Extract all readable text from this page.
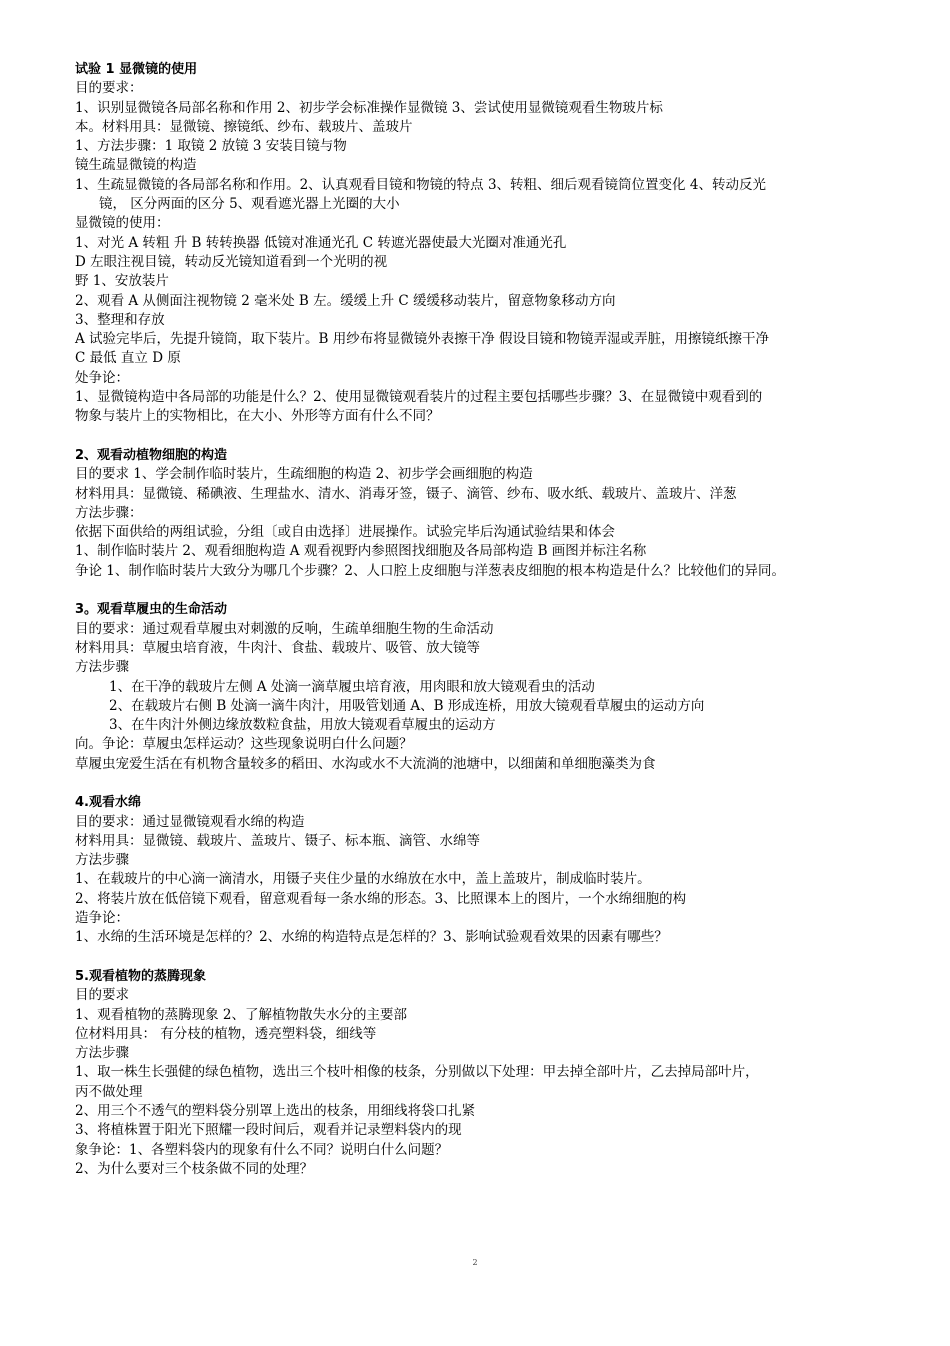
试验 1 显微镜的使用
目的要求：
1、识别显微镜各局部名称和作用 2、初步学会标准操作显微镜 3、尝试使用显微镜观看生物玻片标
本。材料用具：显微镜、擦镜纸、纱布、载玻片、盖玻片
1、方法步骤：1 取镜 2 放镜 3 安装目镜与物
镜生疏显微镜的构造
1、生疏显微镜的各局部名称和作用。2、认真观看目镜和物镜的特点 3、转粗、细后观看镜筒位置变化 4、转动反光
镜， 区分两面的区分 5、观看遮光器上光圈的大小
显微镜的使用：
1、对光 A 转粗 升 B 转转换器 低镜对准通光孔 C 转遮光器使最大光圈对准通光孔
D 左眼注视目镜，转动反光镜知道看到一个光明的视
野 1、安放装片
2、观看 A 从侧面注视物镜 2 毫米处 B 左。缓缓上升 C 缓缓移动装片，留意物象移动方向
3、整理和存放
A 试验完毕后，先提升镜筒，取下装片。B 用纱布将显微镜外表擦干净 假设目镜和物镜弄湿或弄脏，用擦镜纸擦干净
C 最低 直立 D 原
处争论：
1、显微镜构造中各局部的功能是什么？2、使用显微镜观看装片的过程主要包括哪些步骤？3、在显微镜中观看到的
物象与装片上的实物相比，在大小、外形等方面有什么不同？
2、观看动植物细胞的构造
目的要求 1、学会制作临时装片，生疏细胞的构造 2、初步学会画细胞的构造
材料用具：显微镜、稀碘液、生理盐水、清水、消毒牙签，镊子、滴管、纱布、吸水纸、载玻片、盖玻片、洋葱
方法步骤：
依据下面供给的两组试验，分组〔或自由选择〕进展操作。试验完毕后沟通试验结果和体会
1、制作临时装片 2、观看细胞构造 A 观看视野内参照图找细胞及各局部构造 B 画图并标注名称
争论 1、制作临时装片大致分为哪几个步骤？2、人口腔上皮细胞与洋葱表皮细胞的根本构造是什么？比较他们的异同。
3。观看草履虫的生命活动
目的要求：通过观看草履虫对刺激的反响，生疏单细胞生物的生命活动
材料用具：草履虫培育液，牛肉汁、食盐、载玻片、吸管、放大镜等
方法步骤
1、在干净的载玻片左侧 A 处滴一滴草履虫培育液，用肉眼和放大镜观看虫的活动
2、在载玻片右侧 B 处滴一滴牛肉汁，用吸管划通 A、B 形成连桥，用放大镜观看草履虫的运动方向
3、在牛肉汁外侧边缘放数粒食盐，用放大镜观看草履虫的运动方
向。争论：草履虫怎样运动？这些现象说明白什么问题？
草履虫宠爱生活在有机物含量较多的稻田、水沟或水不大流淌的池塘中，以细菌和单细胞藻类为食
4.观看水绵
目的要求：通过显微镜观看水绵的构造
材料用具：显微镜、载玻片、盖玻片、镊子、标本瓶、滴管、水绵等
方法步骤
1、在载玻片的中心滴一滴清水，用镊子夹住少量的水绵放在水中，盖上盖玻片，制成临时装片。
2、将装片放在低倍镜下观看，留意观看每一条水绵的形态。3、比照课本上的图片，一个水绵细胞的构
造争论：
1、水绵的生活环境是怎样的？2、水绵的构造特点是怎样的？3、影响试验观看效果的因素有哪些？
5.观看植物的蒸腾现象
目的要求
1、观看植物的蒸腾现象 2、了解植物散失水分的主要部
位材料用具： 有分枝的植物，透亮塑料袋，细线等
方法步骤
1、取一株生长强健的绿色植物，选出三个枝叶相像的枝条，分别做以下处理：甲去掉全部叶片，乙去掉局部叶片，
丙不做处理
2、用三个不透气的塑料袋分别罩上选出的枝条，用细线将袋口扎紧
3、将植株置于阳光下照耀一段时间后，观看并记录塑料袋内的现
象争论：1、各塑料袋内的现象有什么不同？说明白什么问题？
2、为什么要对三个枝条做不同的处理？
2
